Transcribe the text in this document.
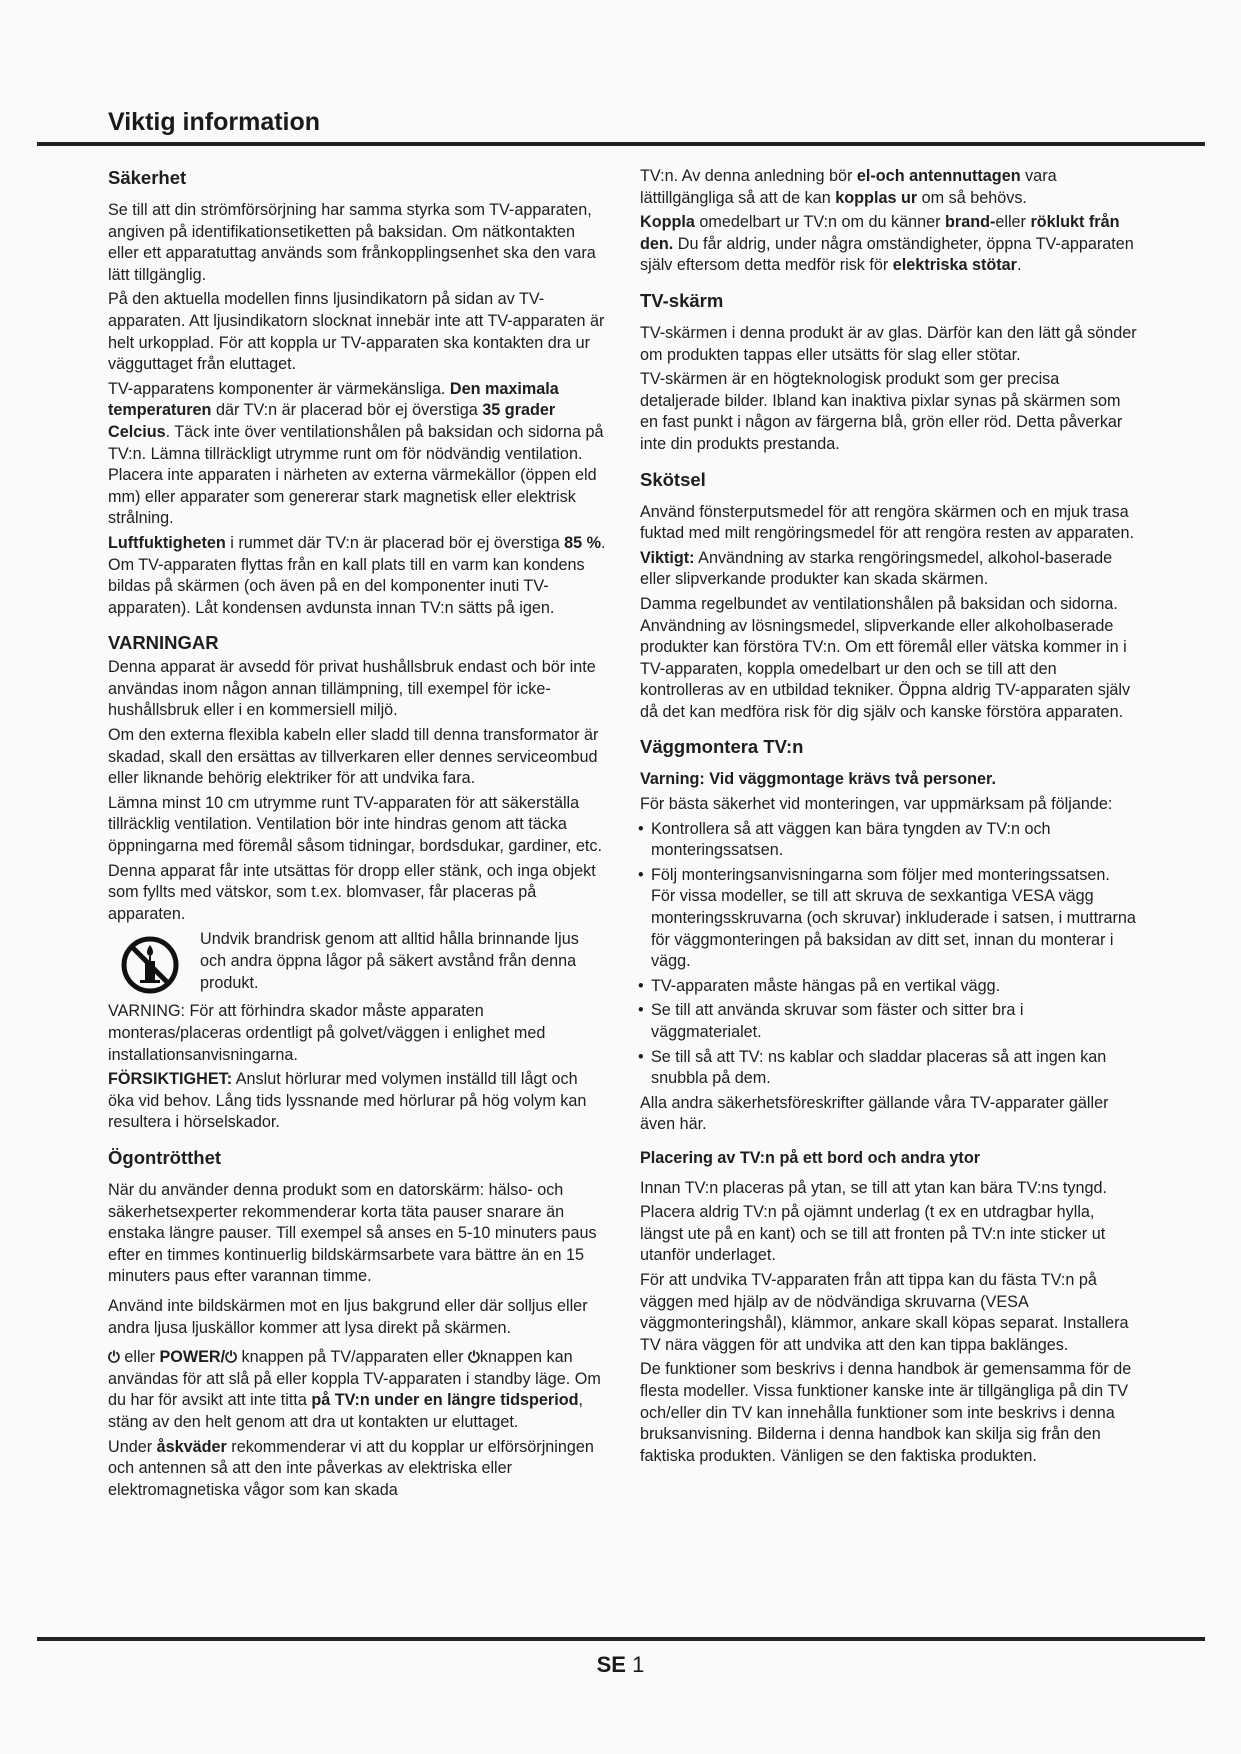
Viktig information
Säkerhet

Se till att din strömförsörjning har samma styrka som TV-apparaten, angiven på identifikationsetiketten på baksidan. Om nätkontakten eller ett apparatuttag används som frånkopplingsenhet ska den vara lätt tillgänglig.

På den aktuella modellen finns ljusindikatorn på sidan av TV-apparaten. Att ljusindikatorn slocknat innebär inte att TV-apparaten är helt urkopplad. För att koppla ur TV-apparaten ska kontakten dra ur vägguttaget från eluttaget.

TV-apparatens komponenter är värmekänsliga. Den maximala temperaturen där TV:n är placerad bör ej överstiga 35 grader Celcius. Täck inte över ventilationshålen på baksidan och sidorna på TV:n. Lämna tillräckligt utrymme runt om för nödvändig ventilation. Placera inte apparaten i närheten av externa värmekällor (öppen eld mm) eller apparater som genererar stark magnetisk eller elektrisk strålning.

Luftfuktigheten i rummet där TV:n är placerad bör ej överstiga 85 %. Om TV-apparaten flyttas från en kall plats till en varm kan kondens bildas på skärmen (och även på en del komponenter inuti TV-apparaten). Låt kondensen avdunsta innan TV:n sätts på igen.

VARNINGAR

Denna apparat är avsedd för privat hushållsbruk endast och bör inte användas inom någon annan tillämpning, till exempel för icke-hushållsbruk eller i en kommersiell miljö.

Om den externa flexibla kabeln eller sladd till denna transformator är skadad, skall den ersättas av tillverkaren eller dennes serviceombud eller liknande behörig elektriker för att undvika fara.

Lämna minst 10 cm utrymme runt TV-apparaten för att säkerställa tillräcklig ventilation. Ventilation bör inte hindras genom att täcka öppningarna med föremål såsom tidningar, bordsdukar, gardiner, etc.

Denna apparat får inte utsättas för dropp eller stänk, och inga objekt som fyllts med vätskor, som t.ex. blomvaser, får placeras på apparaten.

Undvik brandrisk genom att alltid hålla brinnande ljus och andra öppna lågor på säkert avstånd från denna produkt.

VARNING: För att förhindra skador måste apparaten monteras/placeras ordentligt på golvet/väggen i enlighet med installationsanvisningarna.

FÖRSIKTIGHET: Anslut hörlurar med volymen inställd till lågt och öka vid behov. Lång tids lyssnande med hörlurar på hög volym kan resultera i hörselskador.

Ögontrötthet

När du använder denna produkt som en datorskärm: hälso- och säkerhetsexperter rekommenderar korta täta pauser snarare än enstaka längre pauser. Till exempel så anses en 5-10 minuters paus efter en timmes kontinuerlig bildskärmsarbete vara bättre än en 15 minuters paus efter varannan timme.

Använd inte bildskärmen mot en ljus bakgrund eller där solljus eller andra ljusa ljuskällor kommer att lysa direkt på skärmen.

⏻ eller POWER/⏻ knappen på TV/apparaten eller ⏻knappen kan användas för att slå på eller koppla TV-apparaten i standby läge. Om du har för avsikt att inte titta på TV:n under en längre tidsperiod, stäng av den helt genom att dra ut kontakten ur eluttaget.

Under åskväder rekommenderar vi att du kopplar ur elförsörjningen och antennen så att den inte påverkas av elektriska eller elektromagnetiska vågor som kan skada

TV:n. Av denna anledning bör el-och antennuttagen vara lättillgängliga så att de kan kopplas ur om så behövs.

Koppla omedelbart ur TV:n om du känner brand-eller röklukt från den. Du får aldrig, under några omständigheter, öppna TV-apparaten själv eftersom detta medför risk för elektriska stötar.

TV-skärm

TV-skärmen i denna produkt är av glas. Därför kan den lätt gå sönder om produkten tappas eller utsätts för slag eller stötar.

TV-skärmen är en högteknologisk produkt som ger precisa detaljerade bilder. Ibland kan inaktiva pixlar synas på skärmen som en fast punkt i någon av färgerna blå, grön eller röd. Detta påverkar inte din produkts prestanda.

Skötsel

Använd fönsterputsmedel för att rengöra skärmen och en mjuk trasa fuktad med milt rengöringsmedel för att rengöra resten av apparaten.

Viktigt: Användning av starka rengöringsmedel, alkohol-baserade eller slipverkande produkter kan skada skärmen.

Damma regelbundet av ventilationshålen på baksidan och sidorna. Användning av lösningsmedel, slipverkande eller alkoholbaserade produkter kan förstöra TV:n. Om ett föremål eller vätska kommer in i TV-apparaten, koppla omedelbart ur den och se till att den kontrolleras av en utbildad tekniker. Öppna aldrig TV-apparaten själv då det kan medföra risk för dig själv och kanske förstöra apparaten.

Väggmontera TV:n
Varning: Vid väggmontage krävs två personer.

För bästa säkerhet vid monteringen, var uppmärksam på följande:

• Kontrollera så att väggen kan bära tyngden av TV:n och monteringssatsen.
• Följ monteringsanvisningarna som följer med monteringssatsen. För vissa modeller, se till att skruva de sexkantiga VESA vägg monteringsskruvarna (och skruvar) inkluderade i satsen, i muttrarna för väggmonteringen på baksidan av ditt set, innan du monterar i vägg.
• TV-apparaten måste hängas på en vertikal vägg.
• Se till att använda skruvar som fäster och sitter bra i väggmaterialet.
• Se till så att TV: ns kablar och sladdar placeras så att ingen kan snubbla på dem.

Alla andra säkerhetsföreskrifter gällande våra TV-apparater gäller även här.

Placering av TV:n på ett bord och andra ytor

Innan TV:n placeras på ytan, se till att ytan kan bära TV:ns tyngd.

Placera aldrig TV:n på ojämnt underlag (t ex en utdragbar hylla, längst ute på en kant) och se till att fronten på TV:n inte sticker ut utanför underlaget.

För att undvika TV-apparaten från att tippa kan du fästa TV:n på väggen med hjälp av de nödvändiga skruvarna (VESA väggmonteringshål), klämmor, ankare skall köpas separat. Installera TV nära väggen för att undvika att den kan tippa baklänges.

De funktioner som beskrivs i denna handbok är gemensamma för de flesta modeller. Vissa funktioner kanske inte är tillgängliga på din TV och/eller din TV kan innehålla funktioner som inte beskrivs i denna bruksanvisning. Bilderna i denna handbok kan skilja sig från den faktiska produkten. Vänligen se den faktiska produkten.

SE 1
